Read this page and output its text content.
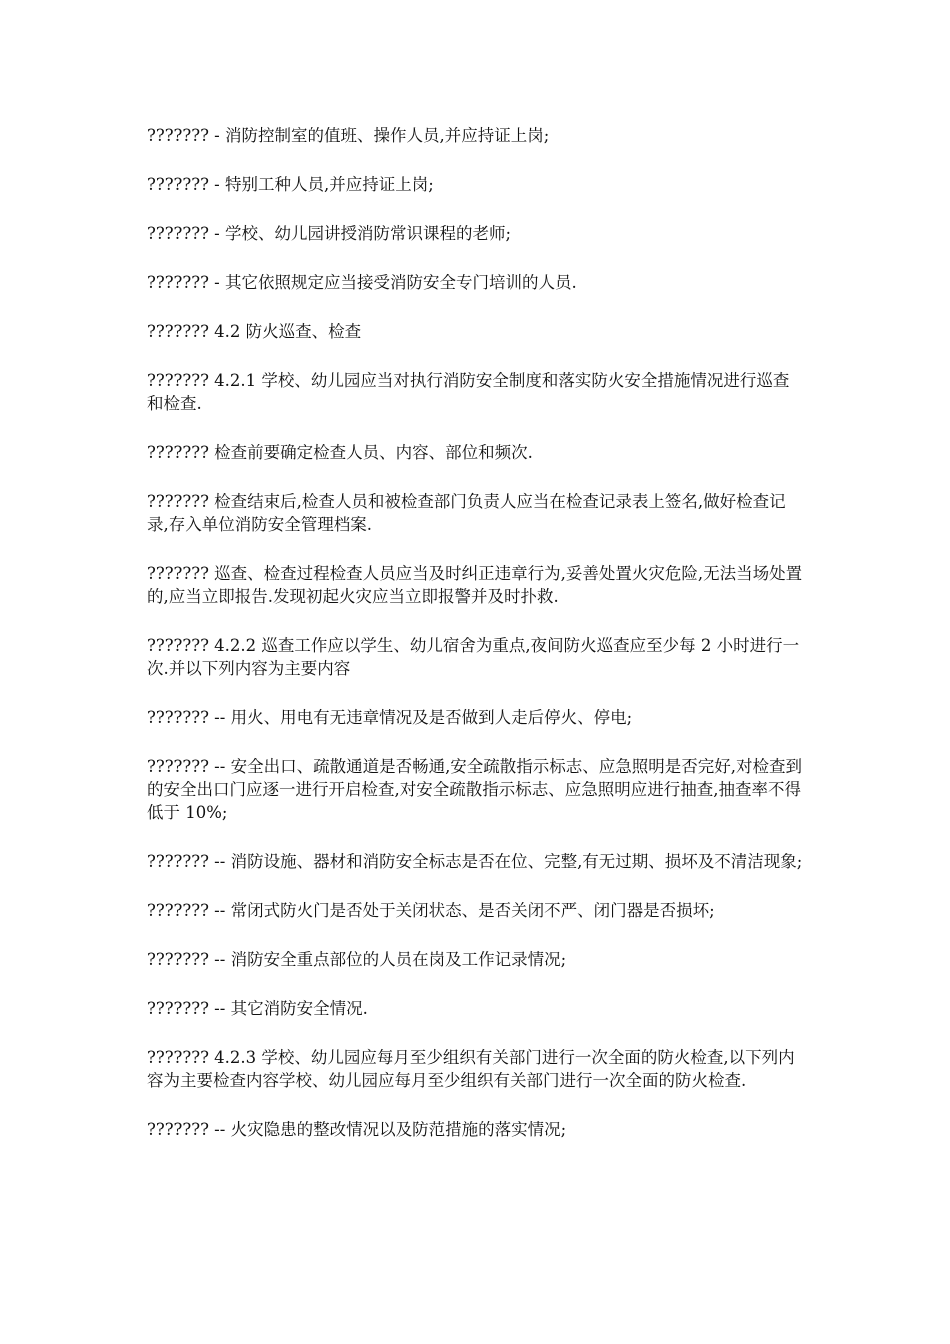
??????? - 消防控制室的值班、操作人员,并应持证上岗;

??????? - 特别工种人员,并应持证上岗;

??????? - 学校、幼儿园讲授消防常识课程的老师;

??????? - 其它依照规定应当接受消防安全专门培训的人员.

??????? 4.2 防火巡查、检查

??????? 4.2.1 学校、幼儿园应当对执行消防安全制度和落实防火安全措施情况进行巡查和检查.

??????? 检查前要确定检查人员、内容、部位和频次.

??????? 检查结束后,检查人员和被检查部门负责人应当在检查记录表上签名,做好检查记录,存入单位消防安全管理档案.

??????? 巡查、检查过程检查人员应当及时纠正违章行为,妥善处置火灾危险,无法当场处置的,应当立即报告.发现初起火灾应当立即报警并及时扑救.

??????? 4.2.2 巡查工作应以学生、幼儿宿舍为重点,夜间防火巡查应至少每 2 小时进行一次.并以下列内容为主要内容

??????? -- 用火、用电有无违章情况及是否做到人走后停火、停电;

??????? -- 安全出口、疏散通道是否畅通,安全疏散指示标志、应急照明是否完好,对检查到的安全出口门应逐一进行开启检查,对安全疏散指示标志、应急照明应进行抽查,抽查率不得低于 10%;

??????? -- 消防设施、器材和消防安全标志是否在位、完整,有无过期、损坏及不清洁现象;

??????? -- 常闭式防火门是否处于关闭状态、是否关闭不严、闭门器是否损坏;

??????? -- 消防安全重点部位的人员在岗及工作记录情况;

??????? -- 其它消防安全情况.

??????? 4.2.3 学校、幼儿园应每月至少组织有关部门进行一次全面的防火检查,以下列内容为主要检查内容学校、幼儿园应每月至少组织有关部门进行一次全面的防火检查.

??????? -- 火灾隐患的整改情况以及防范措施的落实情况;
